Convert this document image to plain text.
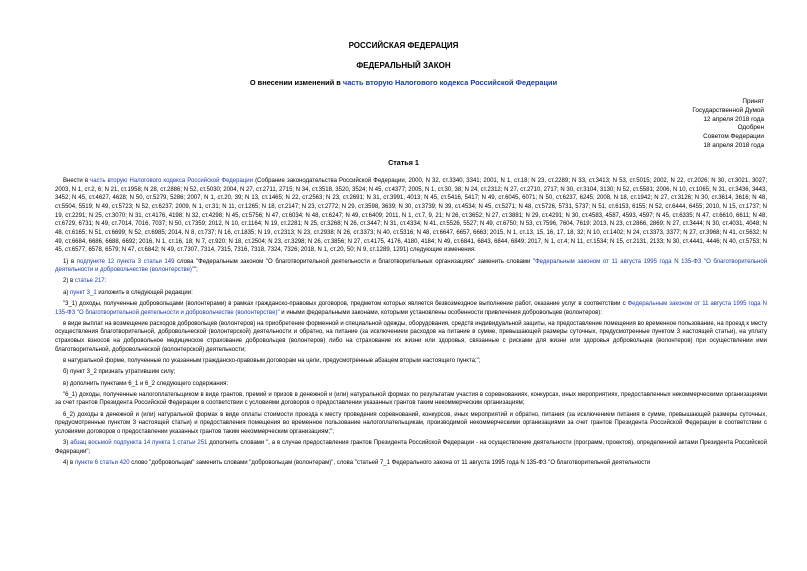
РОССИЙСКАЯ ФЕДЕРАЦИЯ
ФЕДЕРАЛЬНЫЙ ЗАКОН
О внесении изменений в часть вторую Налогового кодекса Российской Федерации
Принят
Государственной Думой
12 апреля 2018 года
Одобрен
Советом Федерации
18 апреля 2018 года
Статья 1

Внести в часть вторую Налогового кодекса Российской Федерации (Собрание законодательства Российской Федерации, 2000, N 32, ст.3340, 3341; 2001, N 1, ст.18; N 23, ст.2289; N 33, ст.3413; N 53, ст.5015; 2002, N 22, ст.2026; N 30, ст.3021, 3027; 2003, N 1, ст.2, 6; N 21, ст.1958; N 28, ст.2886; N 52, ст.5030; 2004, N 27, ст.2711, 2715; N 34, ст.3518, 3520, 3524; N 45, ст.4377; 2005, N 1, ст.30, 38; N 24, ст.2312; N 27, ст.2710, 2717; N 30, ст.3104, 3130; N 52, ст.5581; 2006, N 10, ст.1065; N 31, ст.3436, 3443, 3452; N 45, ст.4627, 4628; N 50, ст.5279, 5286; 2007, N 1, ст.20, 39; N 13, ст.1465; N 22, ст.2563; N 23, ст.2691; N 31, ст.3991, 4013; N 45, ст.5416, 5417; N 49, ст.6045, 6071; N 50, ст.6237, 6245; 2008, N 18, ст.1942; N 27, ст.3126; N 30, ст.3614, 3616; N 48, ст.5504, 5519; N 49, ст.5723; N 52, ст.6237; 2009, N 1, ст.31; N 11, ст.1265; N 18, ст.2147; N 23, ст.2772; N 29, ст.3598, 3639; N 30, ст.3739; N 39, ст.4534; N 45, ст.5271; N 48, ст.5726, 5731, 5737; N 51, ст.6153, 6155; N 52, ст.6444, 6455; 2010, N 15, ст.1737; N 19, ст.2291; N 25, ст.3070; N 31, ст.4176, 4198; N 32, ст.4298; N 45, ст.5756; N 47, ст.6034; N 48, ст.6247; N 49, ст.6409; 2011, N 1, ст.7, 9, 21; N 26, ст.3652; N 27, ст.3881; N 29, ст.4291; N 30, ст.4583, 4587, 4593, 4597; N 45, ст.6335; N 47, ст.6610, 6611; N 48, ст.6729, 6731; N 49, ст.7014, 7016, 7037; N 50, ст.7359; 2012, N 10, ст.1164; N 19, ст.2281; N 25, ст.3268; N 26, ст.3447; N 31, ст.4334; N 41, ст.5526, 5527; N 49, ст.6750; N 53, ст.7596, 7604, 7619; 2013, N 23, ст.2866, 2869; N 27, ст.3444; N 30, ст.4031, 4048; N 48, ст.6165; N 51, ст.6699; N 52, ст.6985; 2014, N 8, ст.737; N 16, ст.1835; N 19, ст.2313; N 23, ст.2938; N 26, ст.3373; N 40, ст.5316; N 48, ст.6647, 6657, 6663; 2015, N 1, ст.13, 15, 16, 17, 18, 32; N 10, ст.1402; N 24, ст.3373, 3377; N 27, ст.3968; N 41, ст.5632; N 49, ст.6684, 6686, 6688, 6692; 2016, N 1, ст.16, 18; N 7, ст.920; N 18, ст.2504; N 23, ст.3298; N 26, ст.3856; N 27, ст.4175, 4176, 4180, 4184; N 49, ст.6841, 6843, 6844, 6849; 2017, N 1, ст.4; N 11, ст.1534; N 15, ст.2131, 2133; N 30, ст.4441, 4446; N 40, ст.5753; N 45, ст.6577, 6578, 6579; N 47, ст.6842; N 49, ст.7307, 7314, 7315, 7316, 7318, 7324, 7326; 2018, N 1, ст.20, 50; N 9, ст.1289, 1291) следующие изменения:

1) в подпункте 12 пункта 3 статьи 149 слова "Федеральным законом "О благотворительной деятельности и благотворительных организациях" заменить словами "Федеральным законом от 11 августа 1995 года N 135-ФЗ "О благотворительной деятельности и добровольчестве (волонтерстве)"";

2) в статье 217:

а) пункт 3_1 изложить в следующей редакции:

"3_1) доходы, полученные добровольцами (волонтерами) в рамках гражданско-правовых договоров, предметом которых является безвозмездное выполнение работ, оказание услуг в соответствии с Федеральным законом от 11 августа 1995 года N 135-ФЗ "О благотворительной деятельности и добровольчестве (волонтерстве)" и иными федеральными законами, которыми установлены особенности привлечения добровольцев (волонтеров):

в виде выплат на возмещение расходов добровольцев (волонтеров) на приобретение форменной и специальной одежды, оборудования, средств индивидуальной защиты, на предоставление помещения во временное пользование, на проезд к месту осуществления благотворительной, добровольческой (волонтерской) деятельности и обратно, на питание (за исключением расходов на питание в сумме, превышающей размеры суточных, предусмотренные пунктом 3 настоящей статьи), на уплату страховых взносов на добровольное медицинское страхование добровольцев (волонтеров) либо на страхование их жизни или здоровья, связанные с рисками для жизни или здоровья добровольцев (волонтеров) при осуществлении ими благотворительной, добровольческой (волонтерской) деятельности;

в натуральной форме, полученные по указанным гражданско-правовым договорам на цели, предусмотренные абзацем вторым настоящего пункта;";

б) пункт 3_2 признать утратившим силу;

в) дополнить пунктами 6_1 и 6_2 следующего содержания:

"6_1) доходы, полученные налогоплательщиком в виде грантов, премий и призов в денежной и (или) натуральной формах по результатам участия в соревнованиях, конкурсах, иных мероприятиях, предоставленных некоммерческими организациями за счет грантов Президента Российской Федерации в соответствии с условиями договоров о предоставлении указанных грантов таким некоммерческим организациям;

6_2) доходы в денежной и (или) натуральной формах в виде оплаты стоимости проезда к месту проведения соревнований, конкурсов, иных мероприятий и обратно, питания (за исключением питания в сумме, превышающей размеры суточных, предусмотренные пунктом 3 настоящей статьи) и предоставления помещения во временное пользование налогоплательщикам, производимой некоммерческими организациями за счет грантов Президента Российской Федерации в соответствии с условиями договоров о предоставлении указанных грантов таким некоммерческим организациям;";

3) абзац восьмой подпункта 14 пункта 1 статьи 251 дополнить словами ", а в случае предоставления грантов Президента Российской Федерации - на осуществление деятельности (программ, проектов), определенной актами Президента Российской Федерации";

4) в пункте 6 статьи 420 слово "добровольцам" заменить словами "добровольцам (волонтерам)", слова "статьей 7_1 Федерального закона от 11 августа 1995 года N 135-ФЗ "О благотворительной деятельности
